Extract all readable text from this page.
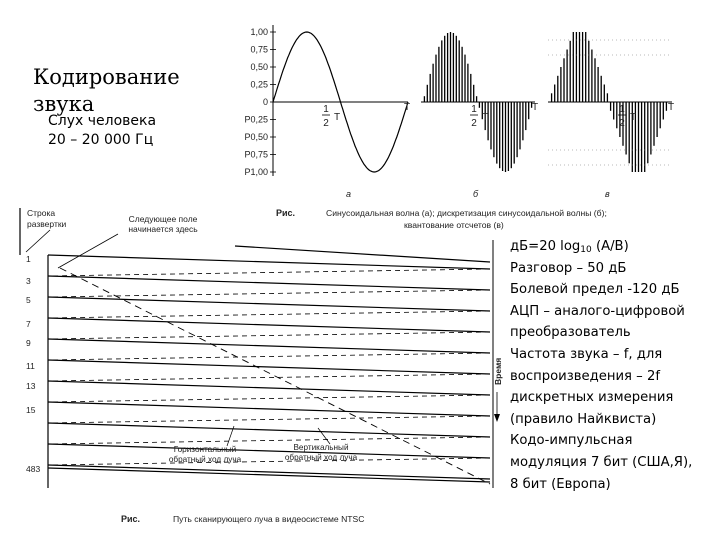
Кодирование
звука
Слух человека
20 – 20 000 Гц
1,00
0,75
0,50
0,25
0
P0,25
P0,50
P0,75
P1,00
1
2
T
T	1
2
T
T	1
2
T
T
а	б	в
Рис.	Синусоидальная волна (а); дискретизация синусоидальной волны (б);
квантование отсчетов (в)
Строка
развертки	Следующее поле
начинается здесь
1
3
5
7
9
11
13
15
483
Горизонтальный
обратный ход луча
Вертикальный
обратный ход луча
Время
Рис.	Путь сканирующего луча в видеосистеме NTSC
дБ=20 $\log_{10} (А/В)$
Разговор – 50 дБ
Болевой предел -120 дБ
АЦП – аналого-цифровой
преобразователь
Частота звука – f, для
воспроизведения – 2f
дискретных измерения
(правило Найквиста)
Кодо-импульсная
модуляция 7 бит (США,Я),
8 бит (Европа)
